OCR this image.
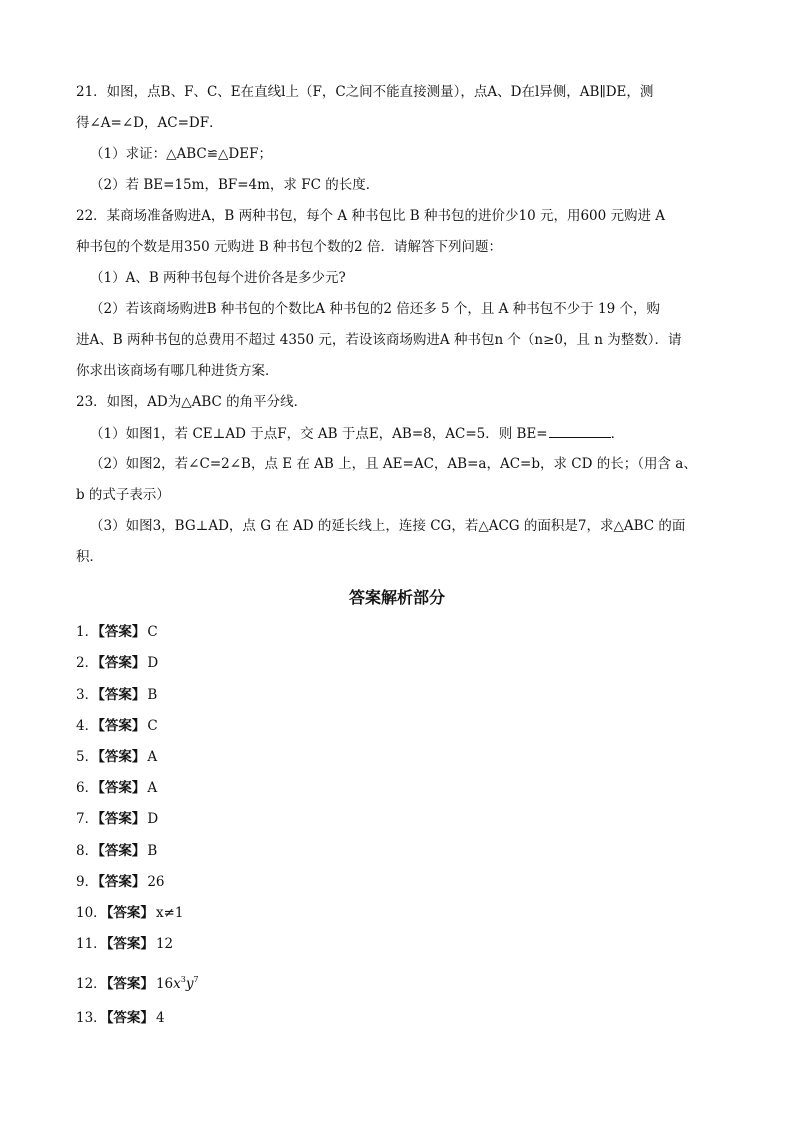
21．如图，点B、F、C、E在直线l上（F，C之间不能直接测量），点A、D在l异侧，AB∥DE，测
得∠A=∠D，AC=DF．
（1）求证：△ABC≌△DEF；
（2）若 BE=15m，BF=4m，求 FC 的长度．
22．某商场准备购进A，B 两种书包，每个 A 种书包比 B 种书包的进价少10 元，用600 元购进 A
种书包的个数是用350 元购进 B 种书包个数的2 倍．请解答下列问题：
（1）A、B 两种书包每个进价各是多少元?
（2）若该商场购进B 种书包的个数比A 种书包的2 倍还多 5 个，且 A 种书包不少于 19 个，购
进A、B 两种书包的总费用不超过 4350 元，若设该商场购进A 种书包n 个（n≥0，且 n 为整数）．请
你求出该商场有哪几种进货方案．
23．如图，AD为△ABC 的角平分线．
（1）如图1，若 CE⊥AD 于点F，交 AB 于点E，AB=8，AC=5．则 BE=	．
（2）如图2，若∠C=2∠B，点 E 在 AB 上，且 AE=AC，AB=a，AC=b，求 CD 的长；（用含 a、
b 的式子表示）
（3）如图3，BG⊥AD，点 G 在 AD 的延长线上，连接 CG，若△ACG 的面积是7，求△ABC 的面
积．
答案解析部分
1．【答案】 C
2．【答案】 D
3．【答案】 B
4．【答案】 C
5．【答案】 A
6．【答案】 A
7．【答案】 D
8．【答案】 B
9．【答案】 26
10．【答案】 x≠1
11．【答案】 12
12．【答案】 $16x^3y^7$
13．【答案】 4
